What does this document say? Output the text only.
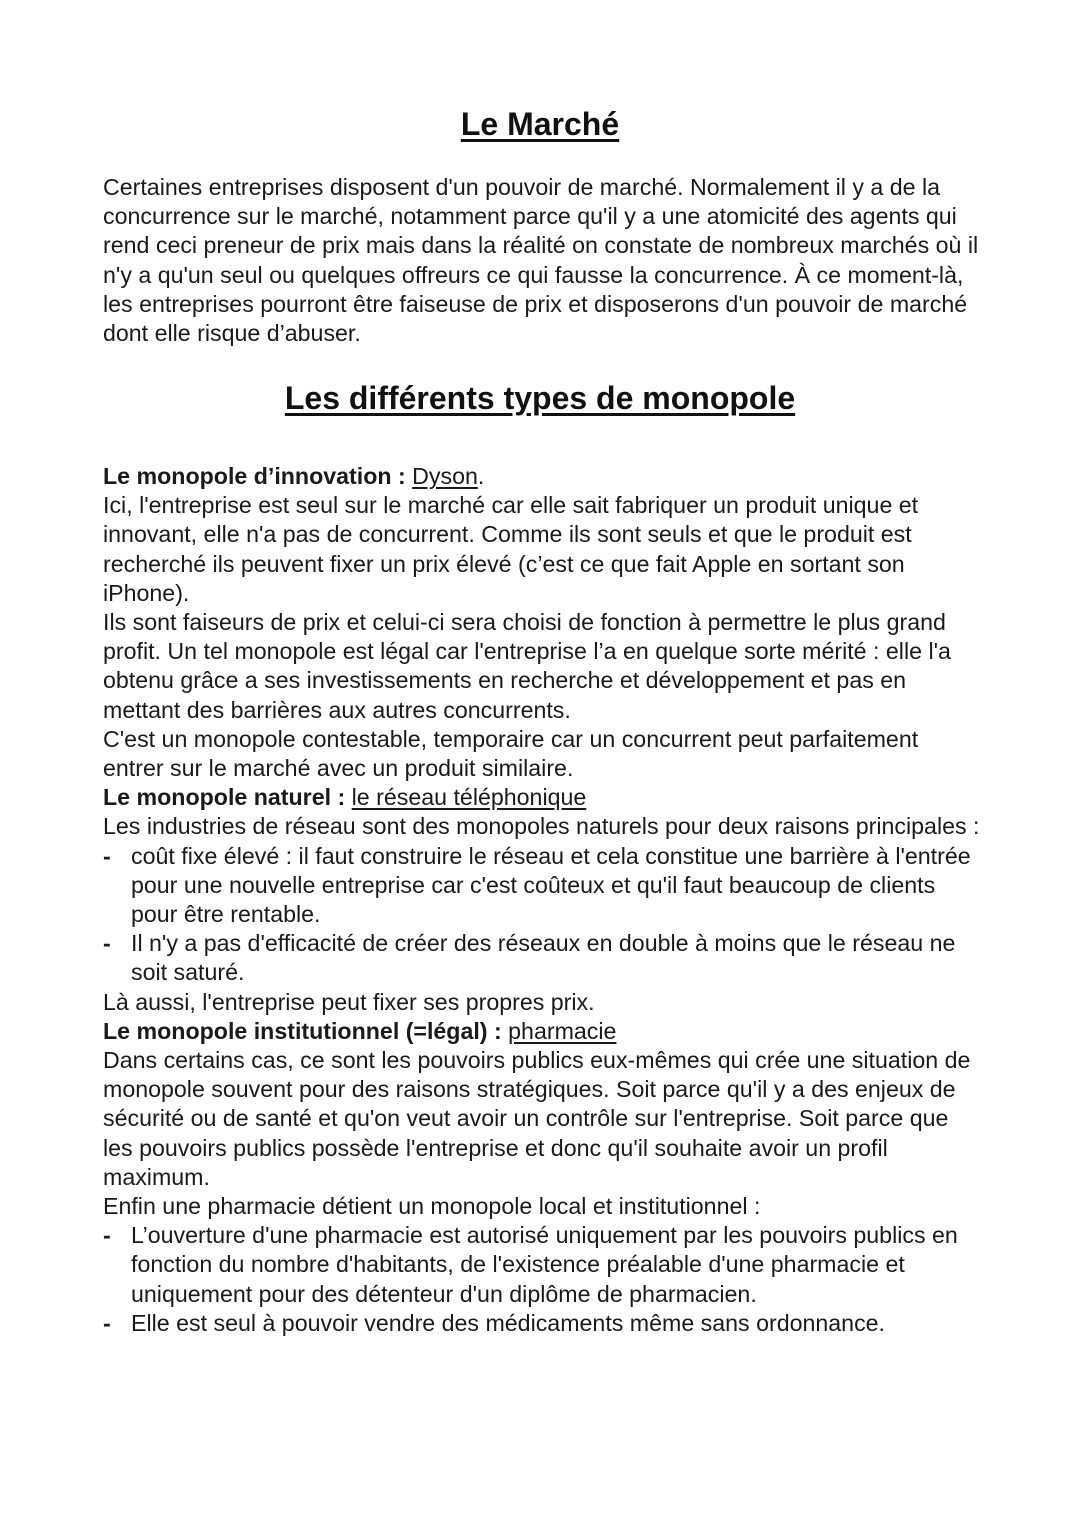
Le Marché

Certaines entreprises disposent d'un pouvoir de marché. Normalement il y a de la concurrence sur le marché, notamment parce qu'il y a une atomicité des agents qui rend ceci preneur de prix mais dans la réalité on constate de nombreux marchés où il n'y a qu'un seul ou quelques offreurs ce qui fausse la concurrence. À ce moment-là, les entreprises pourront être faiseuse de prix et disposerons d'un pouvoir de marché dont elle risque d’abuser.

Les différents types de monopole

Le monopole d’innovation : Dyson.

Ici, l'entreprise est seul sur le marché car elle sait fabriquer un produit unique et innovant, elle n'a pas de concurrent. Comme ils sont seuls et que le produit est recherché ils peuvent fixer un prix élevé (c’est ce que fait Apple en sortant son iPhone).

Ils sont faiseurs de prix et celui-ci sera choisi de fonction à permettre le plus grand profit. Un tel monopole est légal car l'entreprise l’a en quelque sorte mérité : elle l'a obtenu grâce a ses investissements en recherche et développement et pas en mettant des barrières aux autres concurrents.

C'est un monopole contestable, temporaire car un concurrent peut parfaitement entrer sur le marché avec un produit similaire.

Le monopole naturel : le réseau téléphonique

Les industries de réseau sont des monopoles naturels pour deux raisons principales :

- coût fixe élevé : il faut construire le réseau et cela constitue une barrière à l'entrée pour une nouvelle entreprise car c'est coûteux et qu'il faut beaucoup de clients pour être rentable.
- Il n'y a pas d'efficacité de créer des réseaux en double à moins que le réseau ne soit saturé.

Là aussi, l'entreprise peut fixer ses propres prix.

Le monopole institutionnel (=légal) : pharmacie

Dans certains cas, ce sont les pouvoirs publics eux-mêmes qui crée une situation de monopole souvent pour des raisons stratégiques. Soit parce qu'il y a des enjeux de sécurité ou de santé et qu'on veut avoir un contrôle sur l'entreprise. Soit parce que les pouvoirs publics possède l'entreprise et donc qu'il souhaite avoir un profil maximum.

Enfin une pharmacie détient un monopole local et institutionnel :

- L’ouverture d'une pharmacie est autorisé uniquement par les pouvoirs publics en fonction du nombre d'habitants, de l'existence préalable d'une pharmacie et uniquement pour des détenteur d'un diplôme de pharmacien.
- Elle est seul à pouvoir vendre des médicaments même sans ordonnance.
